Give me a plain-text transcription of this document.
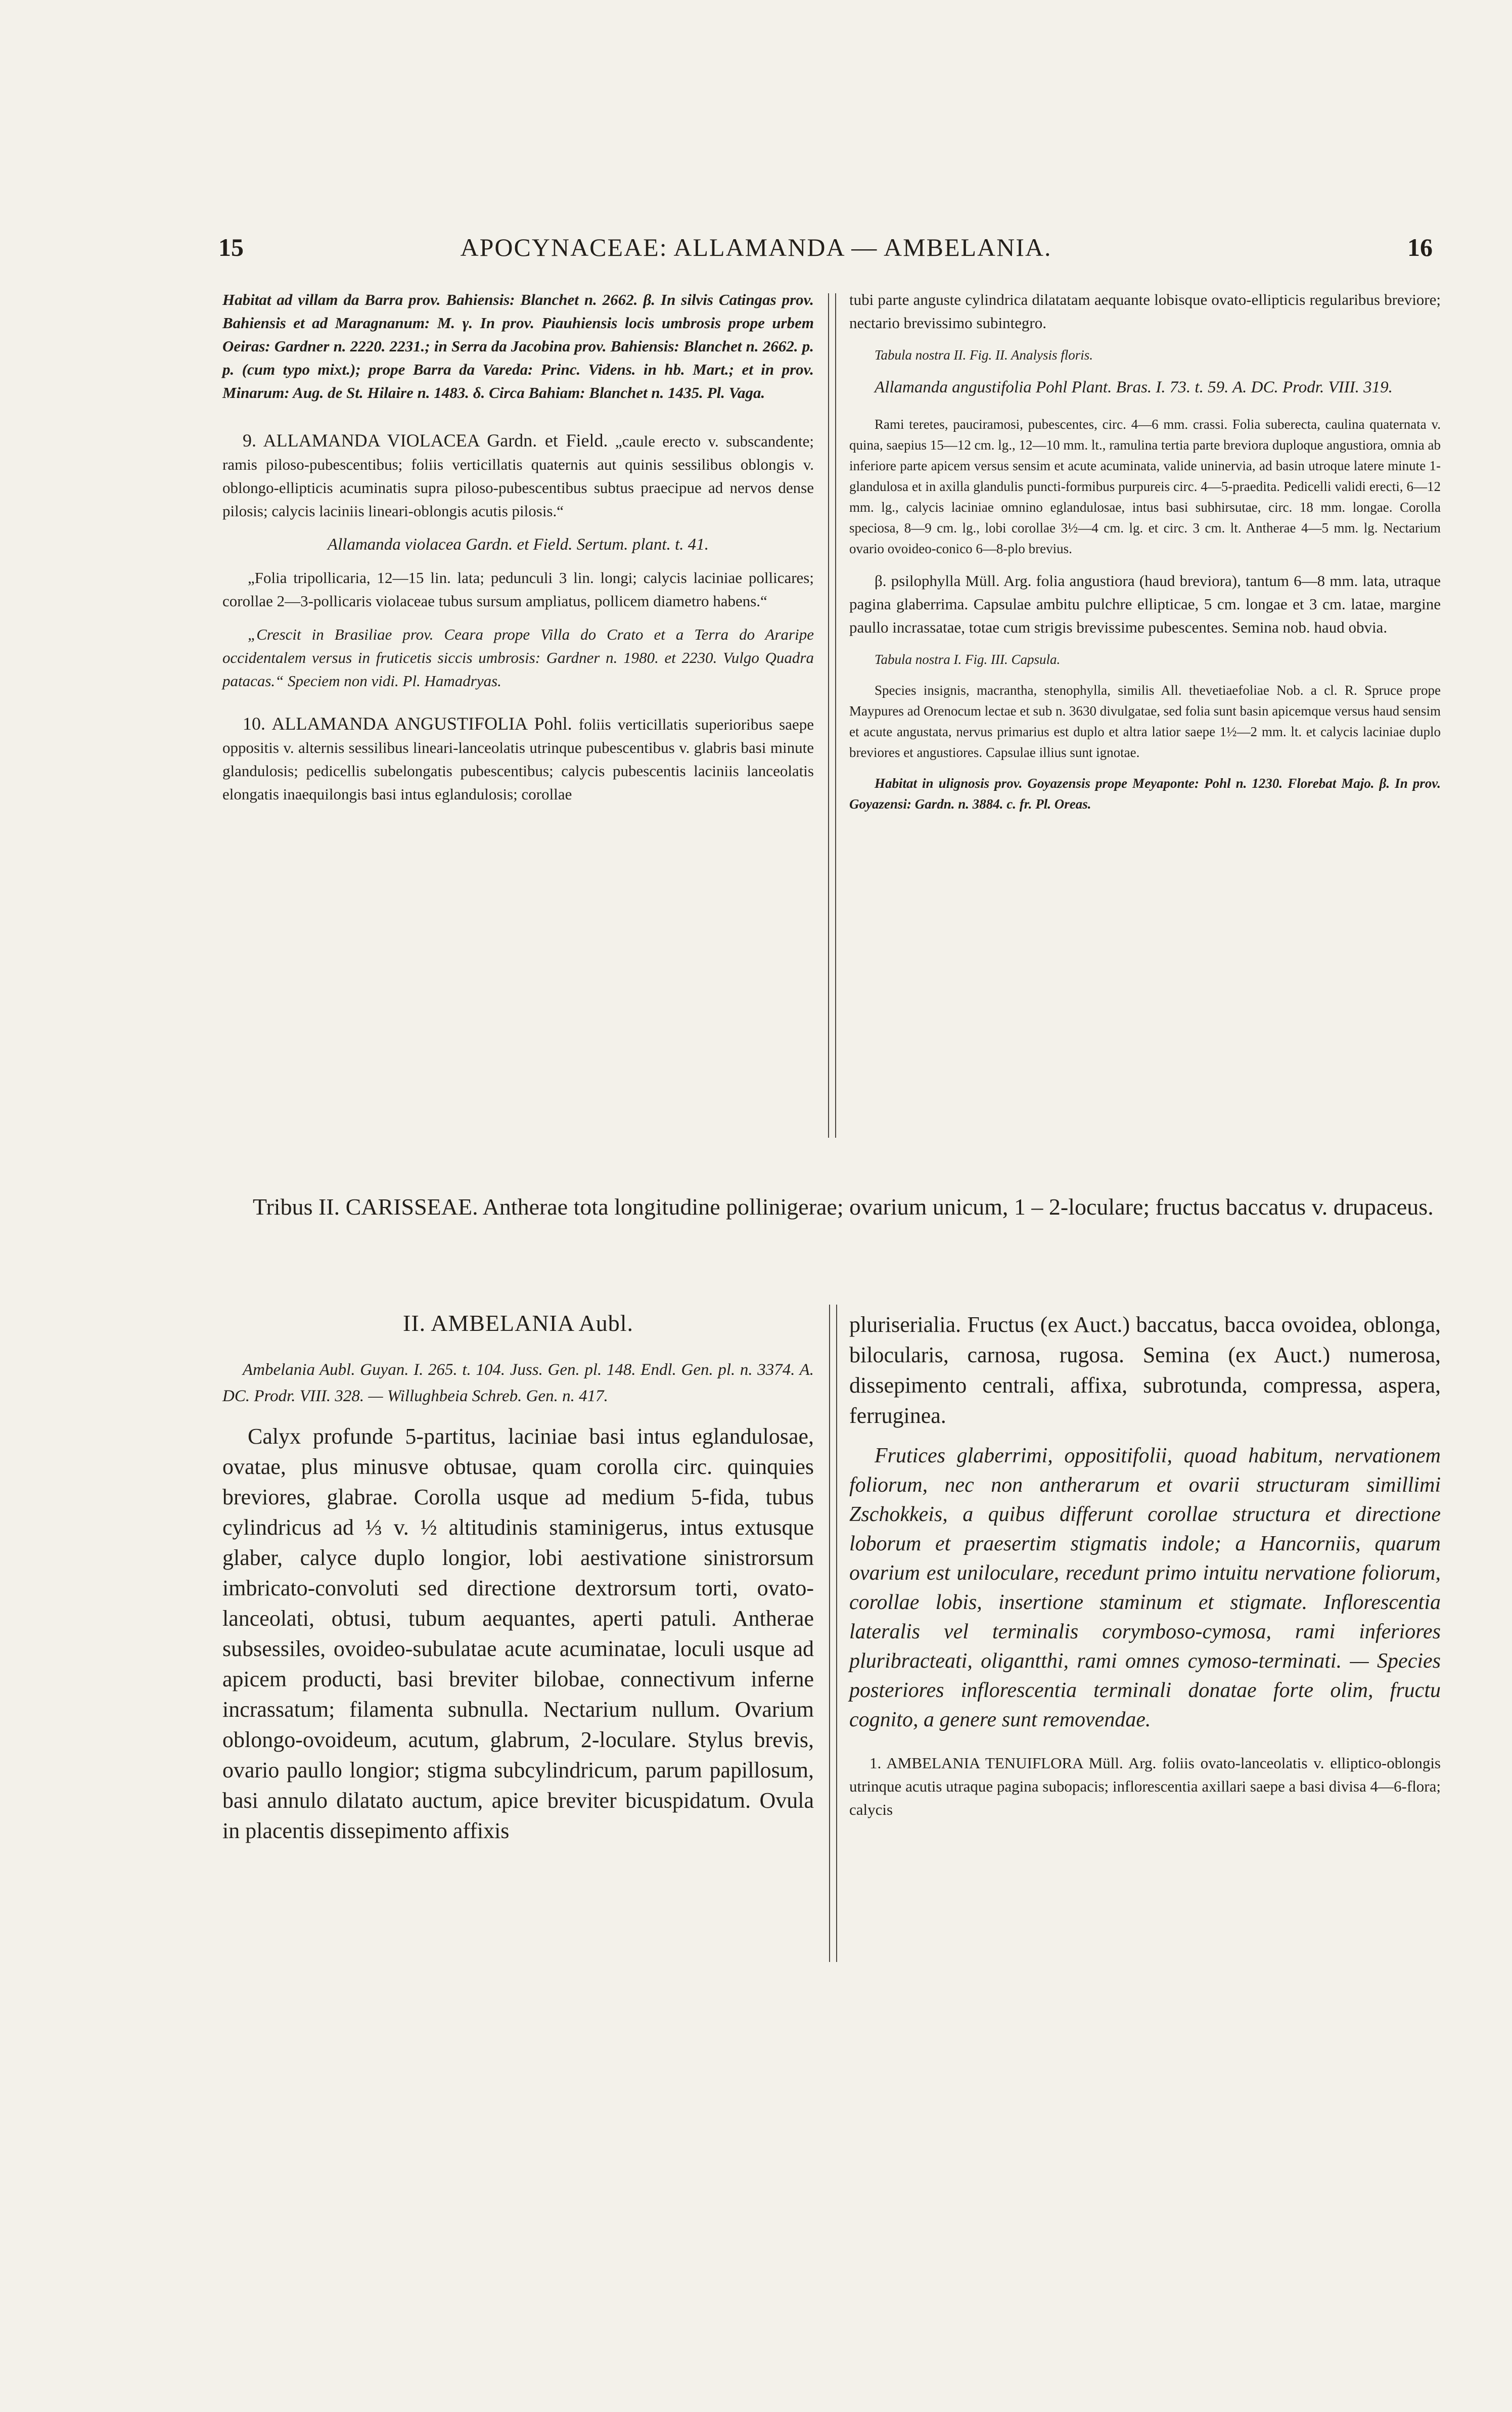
15	APOCYNACEAE: ALLAMANDA — AMBELANIA.	16

Habitat ad villam da Barra prov. Bahiensis: Blanchet n. 2662. β. In silvis Catingas prov. Bahiensis et ad Maragnanum: M. γ. In prov. Piauhiensis locis umbrosis prope urbem Oeiras: Gardner n. 2220. 2231.; in Serra da Jacobina prov. Bahiensis: Blanchet n. 2662. p. p. (cum typo mixt.); prope Barra da Vareda: Princ. Videns. in hb. Mart.; et in prov. Minarum: Aug. de St. Hilaire n. 1483. δ. Circa Bahiam: Blanchet n. 1435. Pl. Vaga.

9. ALLAMANDA VIOLACEA Gardn. et Field. „caule erecto v. subscandente; ramis piloso-pubescentibus; foliis verticillatis quaternis aut quinis sessilibus oblongis v. oblongo-ellipticis acuminatis supra piloso-pubescentibus subtus praecipue ad nervos dense pilosis; calycis laciniis lineari-oblongis acutis pilosis.“

Allamanda violacea Gardn. et Field. Sertum. plant. t. 41.

„Folia tripollicaria, 12—15 lin. lata; pedunculi 3 lin. longi; calycis laciniae pollicares; corollae 2—3-pollicaris violaceae tubus sursum ampliatus, pollicem diametro habens.“

„Crescit in Brasiliae prov. Ceara prope Villa do Crato et a Terra do Araripe occidentalem versus in fruticetis siccis umbrosis: Gardner n. 1980. et 2230. Vulgo Quadra patacas.“ Speciem non vidi. Pl. Hamadryas.

10. ALLAMANDA ANGUSTIFOLIA Pohl. foliis verticillatis superioribus saepe oppositis v. alternis sessilibus lineari-lanceolatis utrinque pubescentibus v. glabris basi minute glandulosis; pedicellis subelongatis pubescentibus; calycis pubescentis laciniis lanceolatis elongatis inaequilongis basi intus eglandulosis; corollae

tubi parte anguste cylindrica dilatatam aequante lobisque ovato-ellipticis regularibus breviore; nectario brevissimo subintegro.

Tabula nostra II. Fig. II. Analysis floris.

Allamanda angustifolia Pohl Plant. Bras. I. 73. t. 59. A. DC. Prodr. VIII. 319.

Rami teretes, pauciramosi, pubescentes, circ. 4—6 mm. crassi. Folia suberecta, caulina quaternata v. quina, saepius 15—12 cm. lg., 12—10 mm. lt., ramulina tertia parte breviora duploque angustiora, omnia ab inferiore parte apicem versus sensim et acute acuminata, valide uninervia, ad basin utroque latere minute 1-glandulosa et in axilla glandulis puncti-formibus purpureis circ. 4—5-praedita. Pedicelli validi erecti, 6—12 mm. lg., calycis laciniae omnino eglandulosae, intus basi subhirsutae, circ. 18 mm. longae. Corolla speciosa, 8—9 cm. lg., lobi corollae 3½—4 cm. lg. et circ. 3 cm. lt. Antherae 4—5 mm. lg. Nectarium ovario ovoideo-conico 6—8-plo brevius.

β. psilophylla Müll. Arg. folia angustiora (haud breviora), tantum 6—8 mm. lata, utraque pagina glaberrima. Capsulae ambitu pulchre ellipticae, 5 cm. longae et 3 cm. latae, margine paullo incrassatae, totae cum strigis brevissime pubescentes. Semina nob. haud obvia.

Tabula nostra I. Fig. III. Capsula.

Species insignis, macrantha, stenophylla, similis All. thevetiaefoliae Nob. a cl. R. Spruce prope Maypures ad Orenocum lectae et sub n. 3630 divulgatae, sed folia sunt basin apicemque versus haud sensim et acute angustata, nervus primarius est duplo et altra latior saepe 1½—2 mm. lt. et calycis laciniae duplo breviores et angustiores. Capsulae illius sunt ignotae.

Habitat in ulignosis prov. Goyazensis prope Meyaponte: Pohl n. 1230. Florebat Majo. β. In prov. Goyazensi: Gardn. n. 3884. c. fr. Pl. Oreas.

Tribus II. CARISSEAE. Antherae tota longitudine pollinigerae; ovarium unicum, 1 – 2-loculare; fructus baccatus v. drupaceus.

II. AMBELANIA Aubl.

Ambelania Aubl. Guyan. I. 265. t. 104. Juss. Gen. pl. 148. Endl. Gen. pl. n. 3374. A. DC. Prodr. VIII. 328. — Willughbeia Schreb. Gen. n. 417.

Calyx profunde 5-partitus, laciniae basi intus eglandulosae, ovatae, plus minusve obtusae, quam corolla circ. quinquies breviores, glabrae. Corolla usque ad medium 5-fida, tubus cylindricus ad ⅓ v. ½ altitudinis staminigerus, intus extusque glaber, calyce duplo longior, lobi aestivatione sinistrorsum imbricato-convoluti sed directione dextrorsum torti, ovato-lanceolati, obtusi, tubum aequantes, aperti patuli. Antherae subsessiles, ovoideo-subulatae acute acuminatae, loculi usque ad apicem producti, basi breviter bilobae, connectivum inferne incrassatum; filamenta subnulla. Nectarium nullum. Ovarium oblongo-ovoideum, acutum, glabrum, 2-loculare. Stylus brevis, ovario paullo longior; stigma subcylindricum, parum papillosum, basi annulo dilatato auctum, apice breviter bicuspidatum. Ovula in placentis dissepimento affixis

pluriserialia. Fructus (ex Auct.) baccatus, bacca ovoidea, oblonga, bilocularis, carnosa, rugosa. Semina (ex Auct.) numerosa, dissepimento centrali, affixa, subrotunda, compressa, aspera, ferruginea.

Frutices glaberrimi, oppositifolii, quoad habitum, nervationem foliorum, nec non antherarum et ovarii structuram simillimi Zschokkeis, a quibus differunt corollae structura et directione loborum et praesertim stigmatis indole; a Hancorniis, quarum ovarium est uniloculare, recedunt primo intuitu nervatione foliorum, corollae lobis, insertione staminum et stigmate. Inflorescentia lateralis vel terminalis corymboso-cymosa, rami inferiores pluribracteati, oligantthi, rami omnes cymoso-terminati. — Species posteriores inflorescentia terminali donatae forte olim, fructu cognito, a genere sunt removendae.

1. AMBELANIA TENUIFLORA Müll. Arg. foliis ovato-lanceolatis v. elliptico-oblongis utrinque acutis utraque pagina subopacis; inflorescentia axillari saepe a basi divisa 4—6-flora; calycis
